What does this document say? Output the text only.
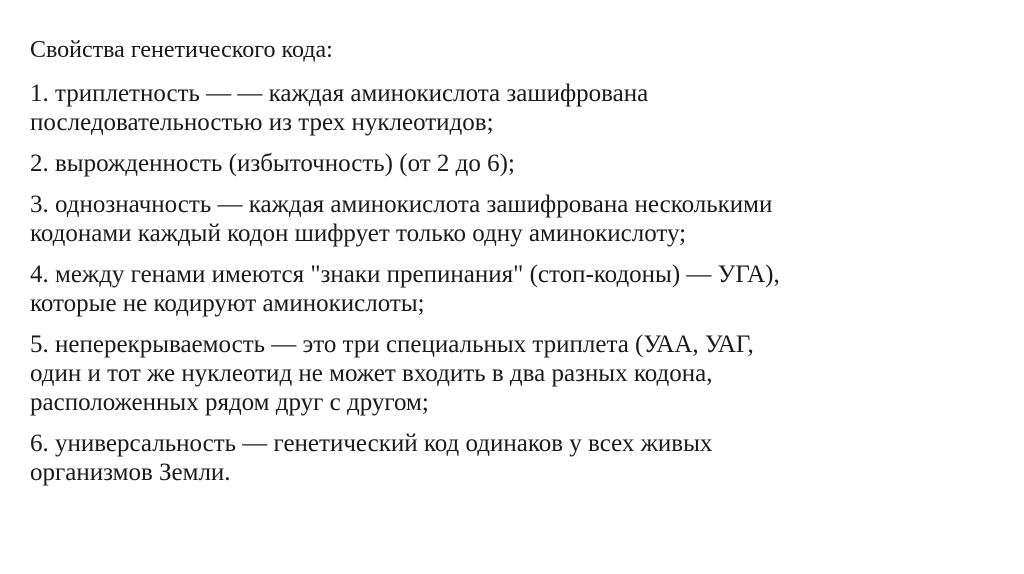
Свойства генетического кода:
1. триплетность — — каждая аминокислота зашифрована
последовательностью из трех нуклеотидов;
2. вырожденность (избыточность) (от 2 до 6);
3. однозначность — каждая аминокислота зашифрована несколькими
кодонами каждый кодон шифрует только одну аминокислоту;
4. между генами имеются "знаки препинания" (стоп-кодоны) — УГА),
которые не кодируют аминокислоты;
5. неперекрываемость — это три специальных триплета (УАА, УАГ,
один и тот же нуклеотид не может входить в два разных кодона,
расположенных рядом друг с другом;
6. универсальность — генетический код одинаков у всех живых
организмов Земли.
